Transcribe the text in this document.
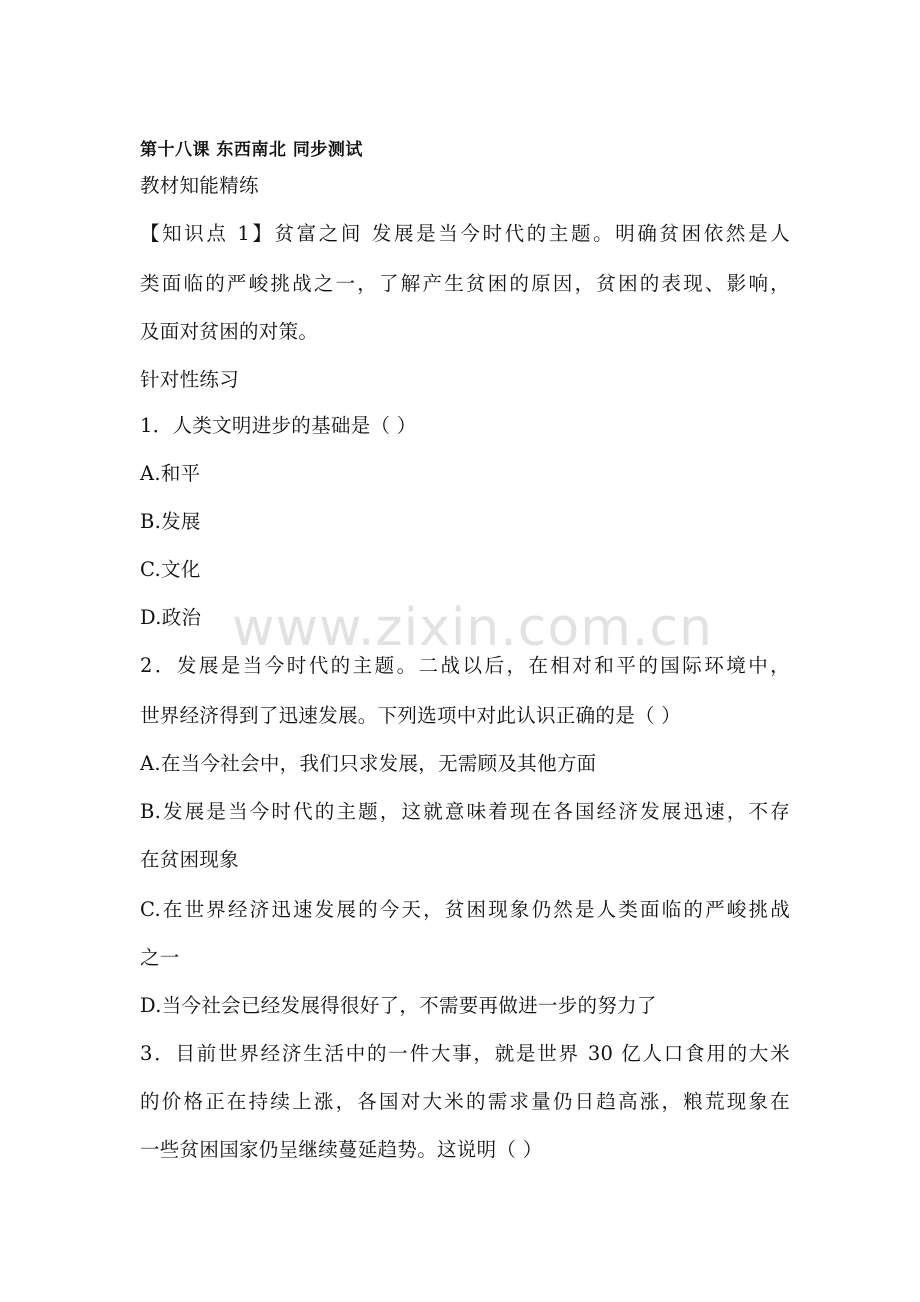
第十八课 东西南北 同步测试
教材知能精练
【知识点 1】贫富之间 发展是当今时代的主题。明确贫困依然是人
类面临的严峻挑战之一，了解产生贫困的原因，贫困的表现、影响，
及面对贫困的对策。
针对性练习
1．人类文明进步的基础是（ ）
A.和平
B.发展
C.文化
D.政治
2．发展是当今时代的主题。二战以后，在相对和平的国际环境中，
世界经济得到了迅速发展。下列选项中对此认识正确的是（ ）
A.在当今社会中，我们只求发展，无需顾及其他方面
B.发展是当今时代的主题，这就意味着现在各国经济发展迅速，不存
在贫困现象
C.在世界经济迅速发展的今天，贫困现象仍然是人类面临的严峻挑战
之一
D.当今社会已经发展得很好了，不需要再做进一步的努力了
3．目前世界经济生活中的一件大事，就是世界 30 亿人口食用的大米
的价格正在持续上涨，各国对大米的需求量仍日趋高涨，粮荒现象在
一些贫困国家仍呈继续蔓延趋势。这说明（ ）
www.zixin.com.cn
